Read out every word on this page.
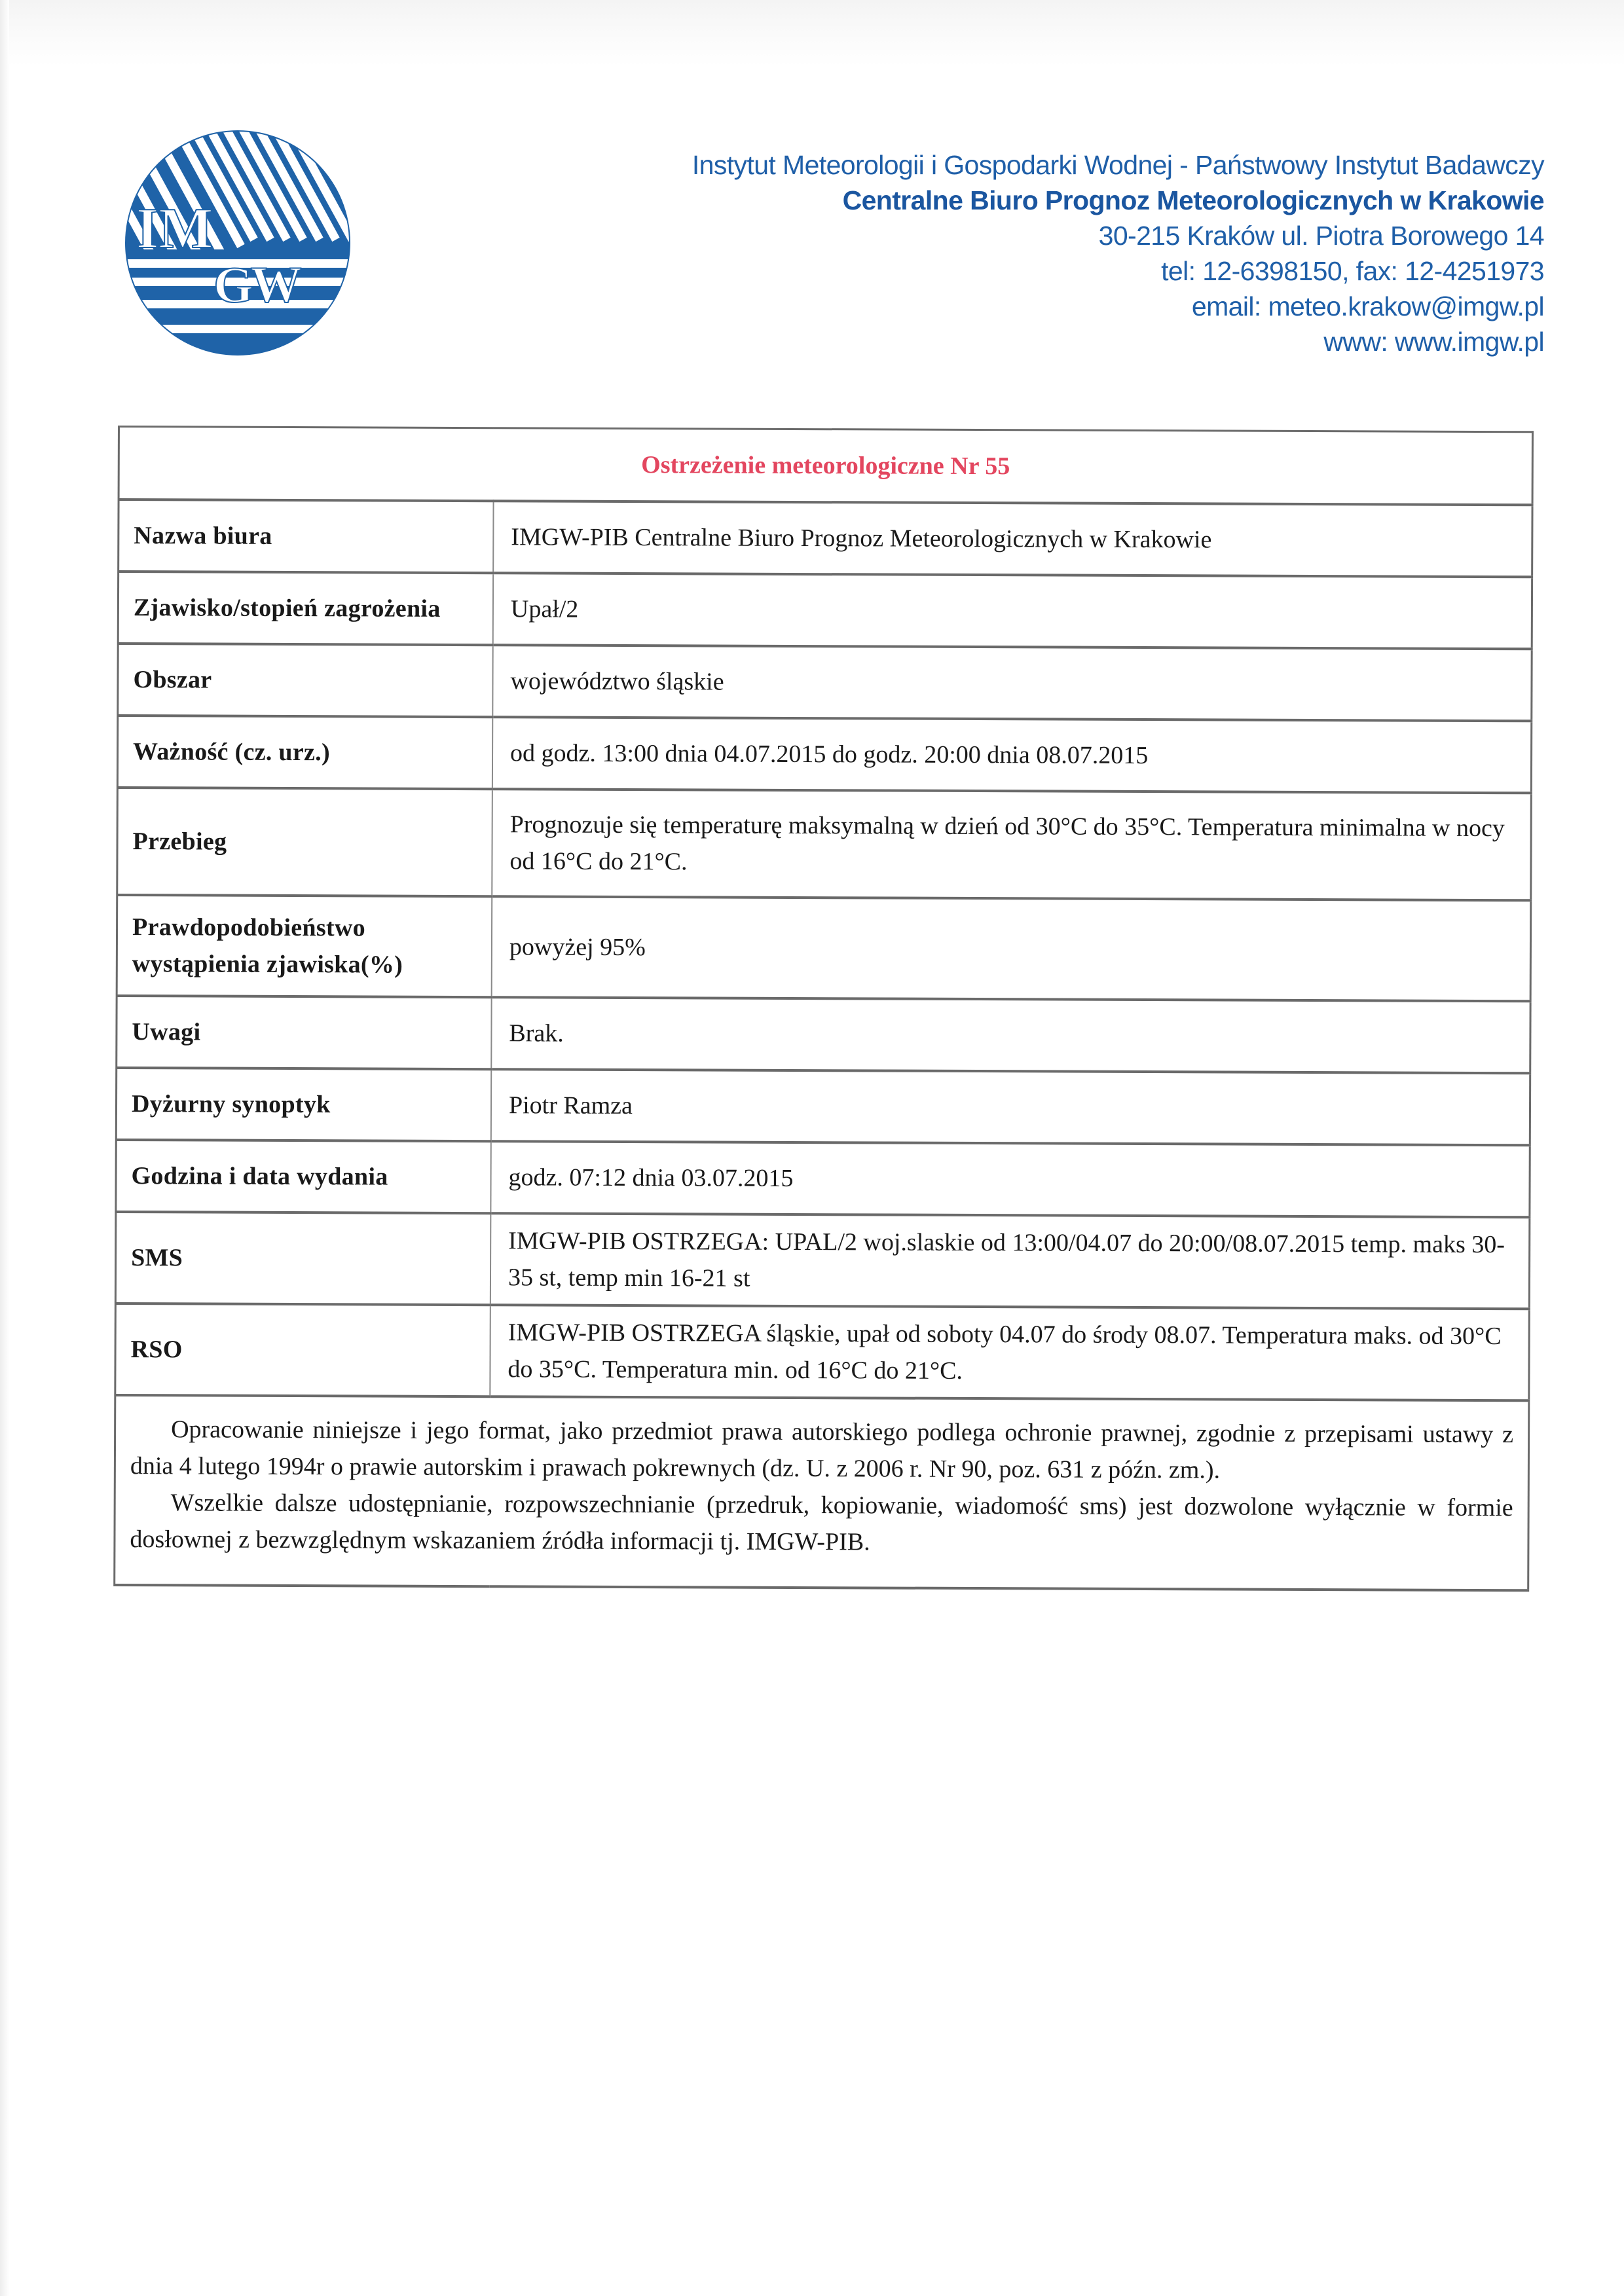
IM
GW
Instytut Meteorologii i Gospodarki Wodnej - Państwowy Instytut Badawczy
Centralne Biuro Prognoz Meteorologicznych w Krakowie
30-215 Kraków ul. Piotra Borowego 14
tel: 12-6398150, fax: 12-4251973
email: meteo.krakow@imgw.pl
www: www.imgw.pl
Ostrzeżenie meteorologiczne Nr 55	
Nazwa biura	IMGW-PIB Centralne Biuro Prognoz Meteorologicznych w Krakowie
Zjawisko/stopień zagrożenia	Upał/2
Obszar	województwo śląskie
Ważność (cz. urz.)	od godz. 13:00 dnia 04.07.2015 do godz. 20:00 dnia 08.07.2015
Przebieg	Prognozuje się temperaturę maksymalną w dzień od 30°C do 35°C. Temperatura minimalna w nocy od 16°C do 21°C.
Prawdopodobieństwo wystąpienia zjawiska(%)	powyżej 95%
Uwagi	Brak.
Dyżurny synoptyk	Piotr Ramza
Godzina i data wydania	godz. 07:12 dnia 03.07.2015
SMS	IMGW-PIB OSTRZEGA: UPAL/2 woj.slaskie od 13:00/04.07 do 20:00/08.07.2015 temp. maks 30-35 st, temp min 16-21 st
RSO	IMGW-PIB OSTRZEGA śląskie, upał od soboty 04.07 do środy 08.07. Temperatura maks. od 30°C do 35°C. Temperatura min. od 16°C do 21°C.

Opracowanie niniejsze i jego format, jako przedmiot prawa autorskiego podlega ochronie prawnej, zgodnie z przepisami ustawy z dnia 4 lutego 1994r o prawie autorskim i prawach pokrewnych (dz. U. z 2006 r. Nr 90, poz. 631 z późn. zm.).

Wszelkie dalsze udostępnianie, rozpowszechnianie (przedruk, kopiowanie, wiadomość sms) jest dozwolone wyłącznie w formie dosłownej z bezwzględnym wskazaniem źródła informacji tj. IMGW-PIB.	
